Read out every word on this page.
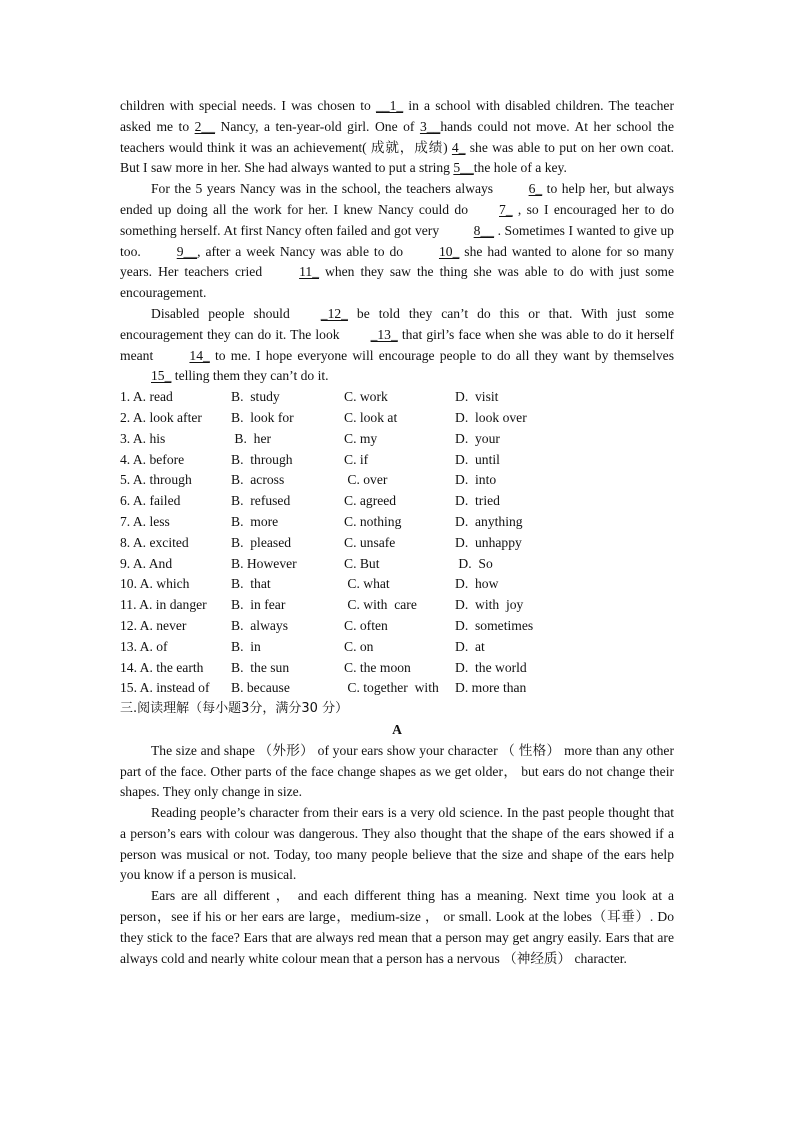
children with special needs. I was chosen to __1_ in a school with disabled children. The teacher asked me to 2__ Nancy, a ten-year-old girl. One of 3__hands could not move. At her school the teachers would think it was an achievement( 成就，成绩) 4_ she was able to put on her own coat. But I saw more in her. She had always wanted to put a string 5__the hole of a key.

For the 5 years Nancy was in the school, the teachers always 6_ to help her, but always ended up doing all the work for her. I knew Nancy could do 7_ , so I encouraged her to do something herself. At first Nancy often failed and got very 8__ . Sometimes I wanted to give up too. 9__, after a week Nancy was able to do 10_ she had wanted to alone for so many years. Her teachers cried 11_ when they saw the thing she was able to do with just some encouragement.

Disabled people should _12_ be told they can’t do this or that. With just some encouragement they can do it. The look _13_ that girl’s face when she was able to do it herself meant 14_ to me. I hope everyone will encourage people to do all they want by themselves 15_ telling them they can’t do it.

1. A. read	B.  study	C. work	D.  visit
2. A. look after	B.  look for	C. look at	D.  look over
3. A. his	B.  her	C. my	D.  your
4. A. before	B.  through	C. if	D.  until
5. A. through	B.  across	C. over	D.  into
6. A. failed	B.  refused	C. agreed	D.  tried
7. A. less	B.  more	C. nothing	D.  anything
8. A. excited	B.  pleased	C. unsafe	D.  unhappy
9. A. And	B. However	C. But	D.  So
10. A. which	B.  that	C. what	D.  how
11. A. in danger	B.  in fear	C. with  care	D.  with  joy
12. A. never	B.  always	C. often	D.  sometimes
13. A. of	B.  in	C. on	D.  at
14. A. the earth	B.  the sun	C. the moon	D.  the world
15. A. instead of	B. because	C. together  with	D. more than

三.阅读理解（每小题3分，满分30 分）

A

The size and shape （外形） of your ears show your character （ 性格） more than any other part of the face. Other parts of the face change shapes as we get older， but ears do not change their shapes. They only change in size.

Reading people’s character from their ears is a very old science. In the past people thought that a person’s ears with colour was dangerous. They also thought that the shape of the ears showed if a person was musical or not. Today, too many people believe that the size and shape of the ears help you know if a person is musical.

Ears are all different ， and each different thing has a meaning. Next time you look at a person，see if his or her ears are large，medium-size ， or small. Look at the lobes（耳垂）. Do they stick to the face? Ears that are always red mean that a person may get angry easily. Ears that are always cold and nearly white colour mean that a person has a nervous （神经质） character.
